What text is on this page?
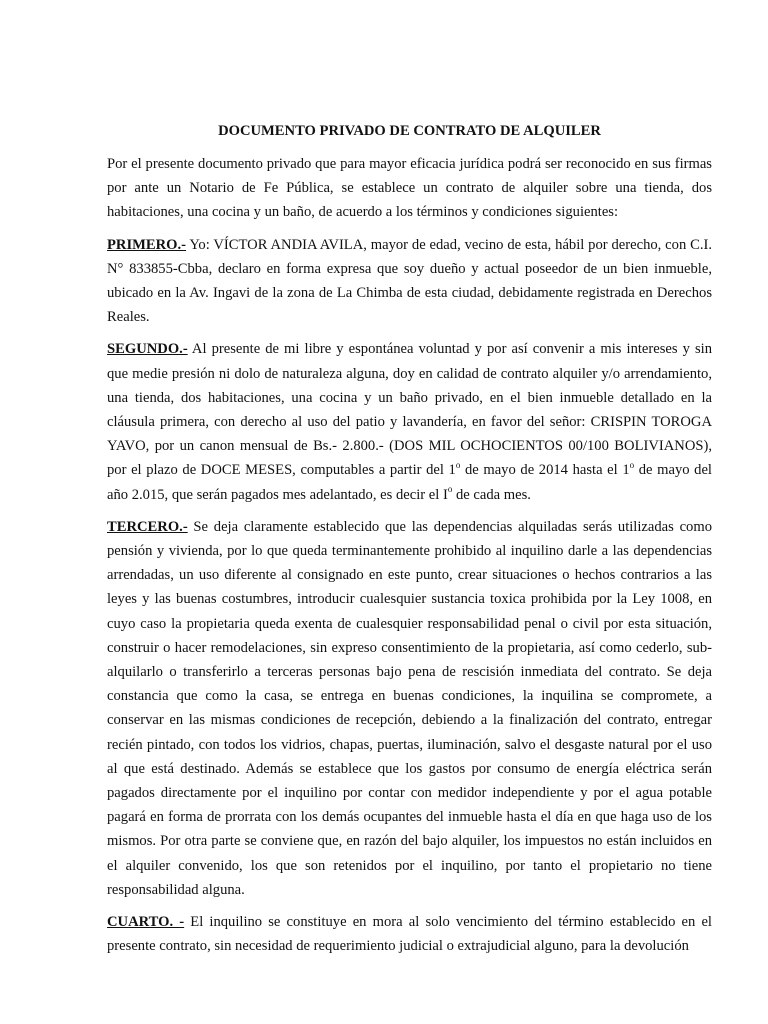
DOCUMENTO PRIVADO DE CONTRATO DE ALQUILER

Por el presente documento privado que para mayor eficacia jurídica podrá ser reconocido en sus firmas por ante un Notario de Fe Pública, se establece un contrato de alquiler sobre una tienda, dos habitaciones, una cocina y un baño, de acuerdo a los términos y condiciones siguientes:

PRIMERO.- Yo: VÍCTOR ANDIA AVILA, mayor de edad, vecino de esta, hábil por derecho, con C.I. N° 833855-Cbba, declaro en forma expresa que soy dueño y actual poseedor de un bien inmueble, ubicado en la Av. Ingavi de la zona de La Chimba de esta ciudad, debidamente registrada en Derechos Reales.

SEGUNDO.- Al presente de mi libre y espontánea voluntad y por así convenir a mis intereses y sin que medie presión ni dolo de naturaleza alguna, doy en calidad de contrato alquiler y/o arrendamiento, una tienda, dos habitaciones, una cocina y un baño privado, en el bien inmueble detallado en la cláusula primera, con derecho al uso del patio y lavandería, en favor del señor: CRISPIN TOROGA YAVO, por un canon mensual de Bs.- 2.800.- (DOS MIL OCHOCIENTOS 00/100 BOLIVIANOS), por el plazo de DOCE MESES, computables a partir del 1$^o$ de mayo de 2014 hasta el 1$^o$ de mayo del año 2.015, que serán pagados mes adelantado, es decir el $I^o$ de cada mes.

TERCERO.- Se deja claramente establecido que las dependencias alquiladas serás utilizadas como pensión y vivienda, por lo que queda terminantemente prohibido al inquilino darle a las dependencias arrendadas, un uso diferente al consignado en este punto, crear situaciones o hechos contrarios a las leyes y las buenas costumbres, introducir cualesquier sustancia toxica prohibida por la Ley 1008, en cuyo caso la propietaria queda exenta de cualesquier responsabilidad penal o civil por esta situación, construir o hacer remodelaciones, sin expreso consentimiento de la propietaria, así como cederlo, sub-alquilarlo o transferirlo a terceras personas bajo pena de rescisión inmediata del contrato. Se deja constancia que como la casa, se entrega en buenas condiciones, la inquilina se compromete, a conservar en las mismas condiciones de recepción, debiendo a la finalización del contrato, entregar recién pintado, con todos los vidrios, chapas, puertas, iluminación, salvo el desgaste natural por el uso al que está destinado. Además se establece que los gastos por consumo de energía eléctrica serán pagados directamente por el inquilino por contar con medidor independiente y por el agua potable pagará en forma de prorrata con los demás ocupantes del inmueble hasta el día en que haga uso de los mismos. Por otra parte se conviene que, en razón del bajo alquiler, los impuestos no están incluidos en el alquiler convenido, los que son retenidos por el inquilino, por tanto el propietario no tiene responsabilidad alguna.

CUARTO. - El inquilino se constituye en mora al solo vencimiento del término establecido en el presente contrato, sin necesidad de requerimiento judicial o extrajudicial alguno, para la devolución
